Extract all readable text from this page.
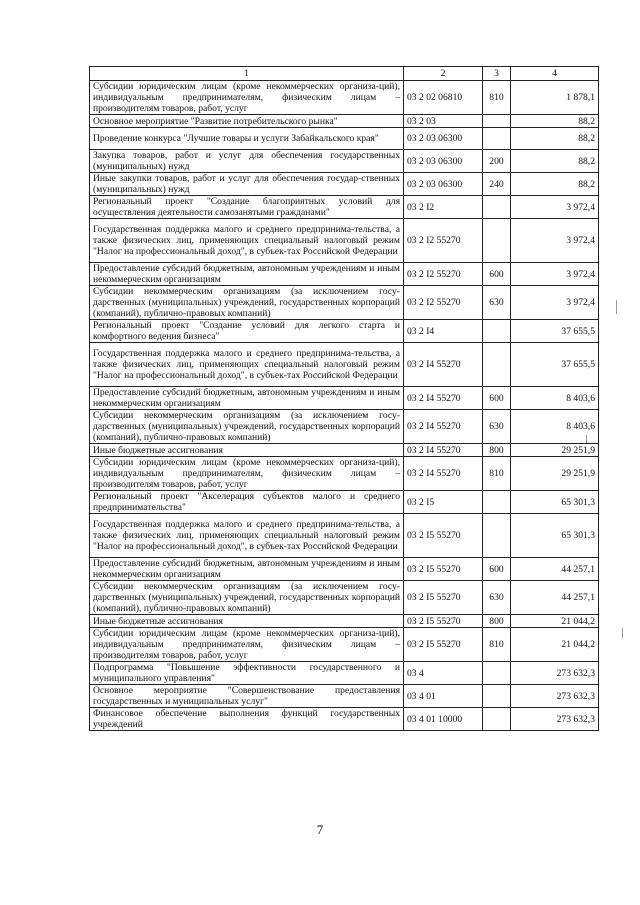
1	2	3	4
Субсидии юридическим лицам (кроме некоммерческих организа-ций), индивидуальным предпринимателям, физическим лицам – производителям товаров, работ, услуг	03 2 02 06810	810	1 878,1
Основное мероприятие "Развитие потребительского рынка"	03 2 03		88,2
Проведение конкурса "Лучшие товары и услуги Забайкальского края"	03 2 03 06300		88,2
Закупка товаров, работ и услуг для обеспечения государственных (муниципальных) нужд	03 2 03 06300	200	88,2
Иные закупки товаров, работ и услуг для обеспечения государ-ственных (муниципальных) нужд	03 2 03 06300	240	88,2
Региональный проект "Создание благоприятных условий для осуществления деятельности самозанятыми гражданами"	03 2 I2		3 972,4
Государственная поддержка малого и среднего предпринима-тельства, а также физических лиц, применяющих специальный налоговый режим "Налог на профессиональный доход", в субъек-тах Российской Федерации	03 2 I2 55270		3 972,4
Предоставление субсидий бюджетным, автономным учреждениям и иным некоммерческим организациям	03 2 I2 55270	600	3 972,4
Субсидии некоммерческим организациям (за исключением госу-дарственных (муниципальных) учреждений, государственных корпораций (компаний), публично-правовых компаний)	03 2 I2 55270	630	3 972,4
Региональный проект "Создание условий для легкого старта и комфортного ведения бизнеса"	03 2 I4		37 655,5
Государственная поддержка малого и среднего предпринима-тельства, а также физических лиц, применяющих специальный налоговый режим "Налог на профессиональный доход", в субъек-тах Российской Федерации	03 2 I4 55270		37 655,5
Предоставление субсидий бюджетным, автономным учреждениям и иным некоммерческим организациям	03 2 I4 55270	600	8 403,6
Субсидии некоммерческим организациям (за исключением госу-дарственных (муниципальных) учреждений, государственных корпораций (компаний), публично-правовых компаний)	03 2 I4 55270	630	8 403,6
Иные бюджетные ассигнования	03 2 I4 55270	800	29 251,9
Субсидии юридическим лицам (кроме некоммерческих организа-ций), индивидуальным предпринимателям, физическим лицам – производителям товаров, работ, услуг	03 2 I4 55270	810	29 251,9
Региональный проект "Акселерация субъектов малого и среднего предпринимательства"	03 2 I5		65 301,3
Государственная поддержка малого и среднего предпринима-тельства, а также физических лиц, применяющих специальный налоговый режим "Налог на профессиональный доход", в субъек-тах Российской Федерации	03 2 I5 55270		65 301,3
Предоставление субсидий бюджетным, автономным учреждениям и иным некоммерческим организациям	03 2 I5 55270	600	44 257,1
Субсидии некоммерческим организациям (за исключением госу-дарственных (муниципальных) учреждений, государственных корпораций (компаний), публично-правовых компаний)	03 2 I5 55270	630	44 257,1
Иные бюджетные ассигнования	03 2 I5 55270	800	21 044,2
Субсидии юридическим лицам (кроме некоммерческих организа-ций), индивидуальным предпринимателям, физическим лицам – производителям товаров, работ, услуг	03 2 I5 55270	810	21 044,2
Подпрограмма "Повышение эффективности государственного и муниципального управления"	03 4		273 632,3
Основное мероприятие "Совершенствование предоставления государственных и муниципальных услуг"	03 4 01		273 632,3
Финансовое обеспечение выполнения функций государственных учреждений	03 4 01 10000		273 632,3
7
